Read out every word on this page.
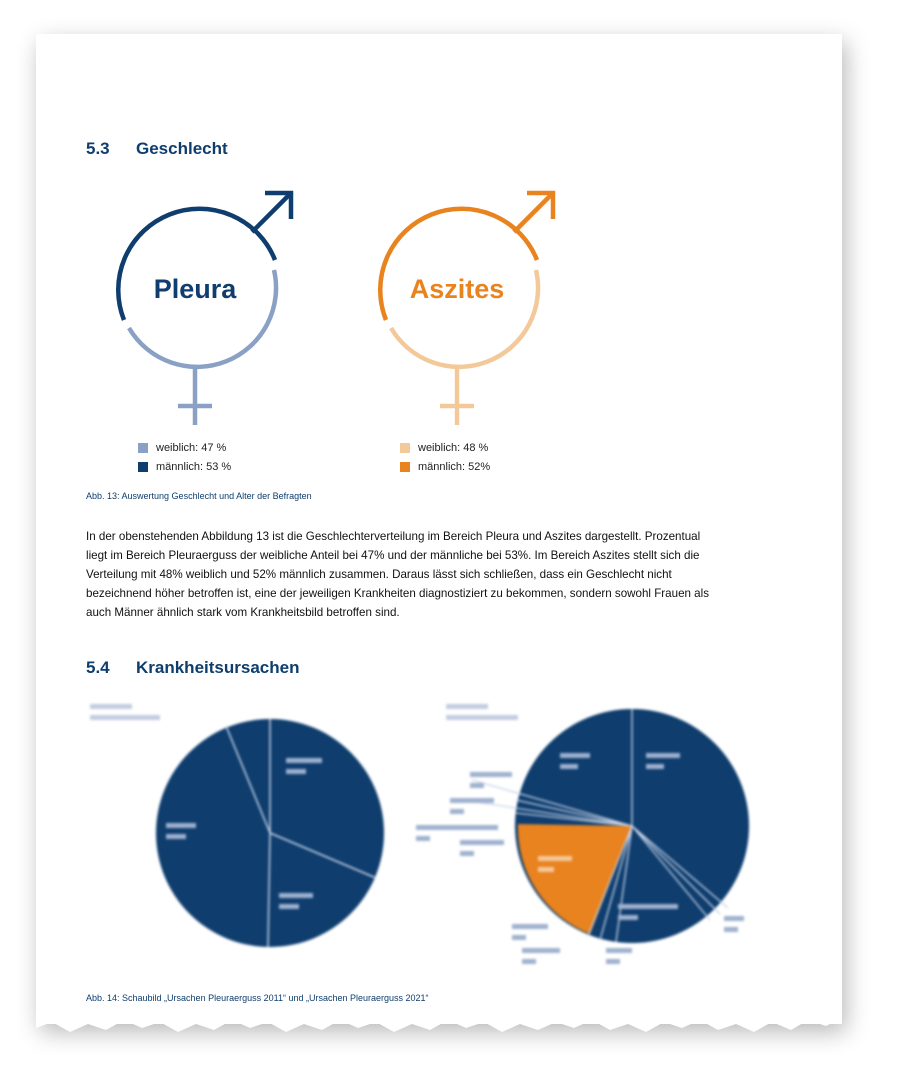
5.3 Geschlecht
Pleura	Aszites
weiblich: 47 %
männlich: 53 %
weiblich: 48 %
männlich: 52%

Abb. 13: Auswertung Geschlecht und Alter der Befragten

In der obenstehenden Abbildung 13 ist die Geschlechterverteilung im Bereich Pleura und Aszites dargestellt. Prozentual liegt im Bereich Pleuraerguss der weibliche Anteil bei 47% und der männliche bei 53%. Im Bereich Aszites stellt sich die Verteilung mit 48% weiblich und 52% männlich zusammen. Daraus lässt sich schließen, dass ein Geschlecht nicht bezeichnend höher betroffen ist, eine der jeweiligen Krankheiten diagnostiziert zu bekommen, sondern sowohl Frauen als auch Männer ähnlich stark vom Krankheitsbild betroffen sind.

5.4 Krankheitsursachen

Abb. 14: Schaubild „Ursachen Pleuraerguss 2011“ und „Ursachen Pleuraerguss 2021“
